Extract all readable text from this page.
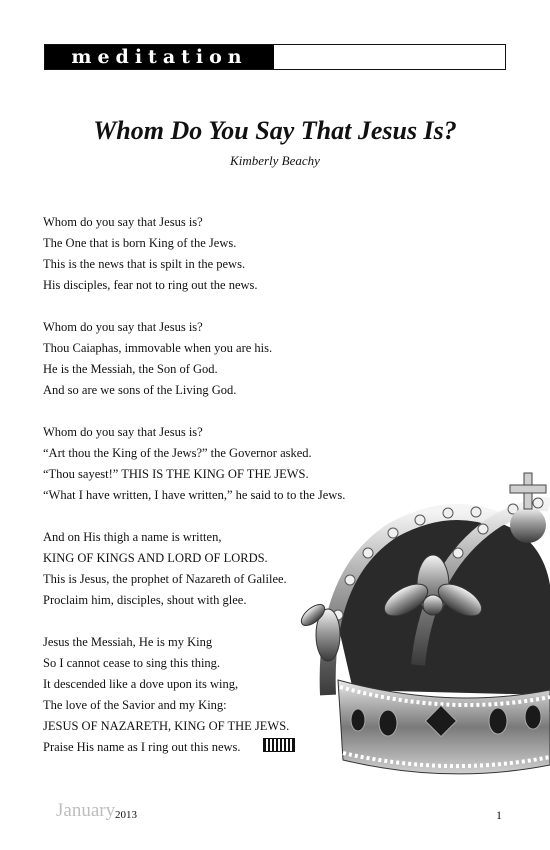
meditation
Whom Do You Say That Jesus Is?
Kimberly Beachy
Whom do you say that Jesus is?
The One that is born King of the Jews.
This is the news that is spilt in the pews.
His disciples, fear not to ring out the news.
Whom do you say that Jesus is?
Thou Caiaphas, immovable when you are his.
He is the Messiah, the Son of God.
And so are we sons of the Living God.
Whom do you say that Jesus is?
“Art thou the King of the Jews?” the Governor asked.
“Thou sayest!” THIS IS THE KING OF THE JEWS.
“What I have written, I have written,” he said to to the Jews.
And on His thigh a name is written,
KING OF KINGS AND LORD OF LORDS.
This is Jesus, the prophet of Nazareth of Galilee.
Proclaim him, disciples, shout with glee.
Jesus the Messiah, He is my King
So I cannot cease to sing this thing.
It descended like a dove upon its wing,
The love of the Savior and my King:
JESUS OF NAZARETH, KING OF THE JEWS.
Praise His name as I ring out this news.
January 2013	1
